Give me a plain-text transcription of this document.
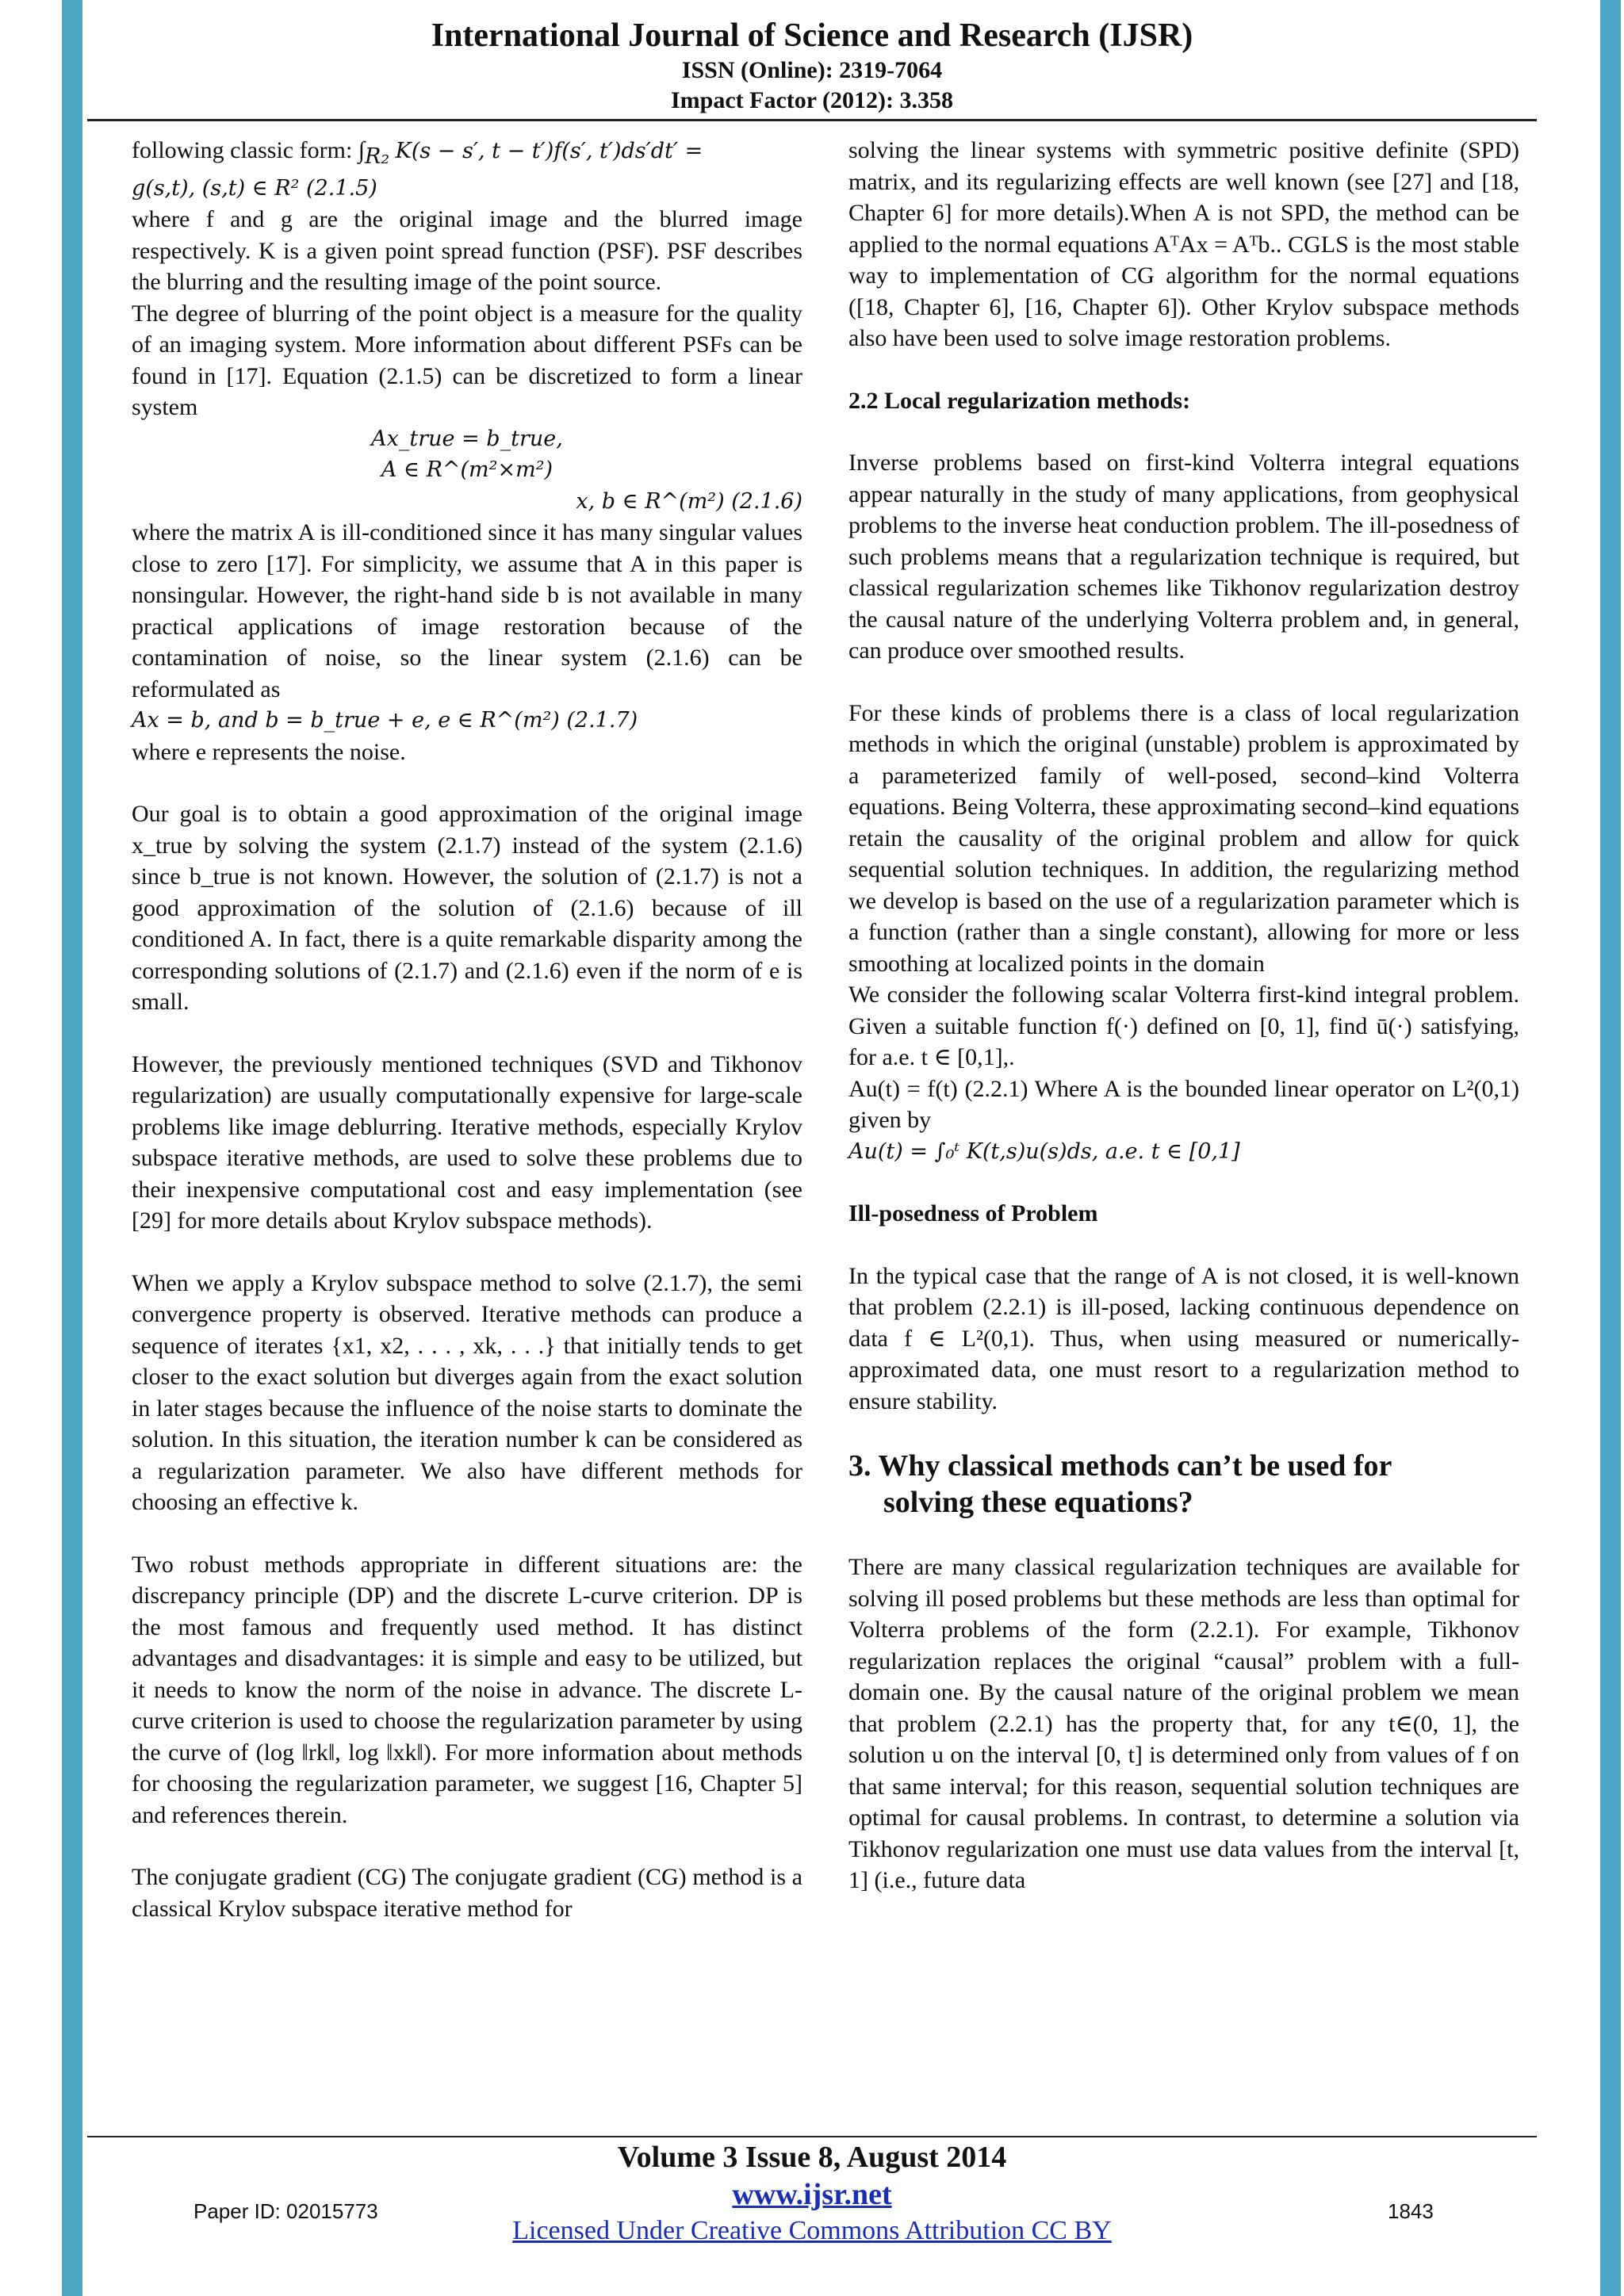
International Journal of Science and Research (IJSR)
ISSN (Online): 2319-7064
Impact Factor (2012): 3.358

following classic form: $\int_{R_2}$ K(s − s′, t − t′)f(s′, t′)ds′dt′ =

g(s,t), (s,t) ∈ R² (2.1.5)

where f and g are the original image and the blurred image respectively. K is a given point spread function (PSF). PSF describes the blurring and the resulting image of the point source.

The degree of blurring of the point object is a measure for the quality of an imaging system. More information about different PSFs can be found in [17]. Equation (2.1.5) can be discretized to form a linear system

Ax_true = b_true,

A ∈ R^(m²×m²)

x, b ∈ R^(m²) (2.1.6)

where the matrix A is ill-conditioned since it has many singular values close to zero [17]. For simplicity, we assume that A in this paper is nonsingular. However, the right-hand side b is not available in many practical applications of image restoration because of the contamination of noise, so the linear system (2.1.6) can be reformulated as

Ax = b, and b = b_true + e, e ∈ R^(m²) (2.1.7)

where e represents the noise.

Our goal is to obtain a good approximation of the original image x_true by solving the system (2.1.7) instead of the system (2.1.6) since b_true is not known. However, the solution of (2.1.7) is not a good approximation of the solution of (2.1.6) because of ill conditioned A. In fact, there is a quite remarkable disparity among the corresponding solutions of (2.1.7) and (2.1.6) even if the norm of e is small.

However, the previously mentioned techniques (SVD and Tikhonov regularization) are usually computationally expensive for large-scale problems like image deblurring. Iterative methods, especially Krylov subspace iterative methods, are used to solve these problems due to their inexpensive computational cost and easy implementation (see [29] for more details about Krylov subspace methods).

When we apply a Krylov subspace method to solve (2.1.7), the semi convergence property is observed. Iterative methods can produce a sequence of iterates {x1, x2, . . . , xk, . . .} that initially tends to get closer to the exact solution but diverges again from the exact solution in later stages because the influence of the noise starts to dominate the solution. In this situation, the iteration number k can be considered as a regularization parameter. We also have different methods for choosing an effective k.

Two robust methods appropriate in different situations are: the discrepancy principle (DP) and the discrete L-curve criterion. DP is the most famous and frequently used method. It has distinct advantages and disadvantages: it is simple and easy to be utilized, but it needs to know the norm of the noise in advance. The discrete L-curve criterion is used to choose the regularization parameter by using the curve of (log ‖rk‖, log ‖xk‖). For more information about methods for choosing the regularization parameter, we suggest [16, Chapter 5] and references therein.

The conjugate gradient (CG) The conjugate gradient (CG) method is a classical Krylov subspace iterative method for

solving the linear systems with symmetric positive definite (SPD) matrix, and its regularizing effects are well known (see [27] and [18, Chapter 6] for more details).When A is not SPD, the method can be applied to the normal equations AᵀAx = Aᵀb.. CGLS is the most stable way to implementation of CG algorithm for the normal equations ([18, Chapter 6], [16, Chapter 6]). Other Krylov subspace methods also have been used to solve image restoration problems.

2.2 Local regularization methods:

Inverse problems based on first-kind Volterra integral equations appear naturally in the study of many applications, from geophysical problems to the inverse heat conduction problem. The ill-posedness of such problems means that a regularization technique is required, but classical regularization schemes like Tikhonov regularization destroy the causal nature of the underlying Volterra problem and, in general, can produce over smoothed results.

For these kinds of problems there is a class of local regularization methods in which the original (unstable) problem is approximated by a parameterized family of well-posed, second–kind Volterra equations. Being Volterra, these approximating second–kind equations retain the causality of the original problem and allow for quick sequential solution techniques. In addition, the regularizing method we develop is based on the use of a regularization parameter which is a function (rather than a single constant), allowing for more or less smoothing at localized points in the domain

We consider the following scalar Volterra first-kind integral problem. Given a suitable function f(·) defined on [0, 1], find ū(·) satisfying, for a.e. t ∈ [0,1],.

Au(t) = f(t) (2.2.1) Where A is the bounded linear operator on L²(0,1) given by

Au(t) = ∫₀ᵗ K(t,s)u(s)ds, a.e. t ∈ [0,1]

Ill-posedness of Problem

In the typical case that the range of A is not closed, it is well-known that problem (2.2.1) is ill-posed, lacking continuous dependence on data f ∈ L²(0,1). Thus, when using measured or numerically-approximated data, one must resort to a regularization method to ensure stability.

3. Why classical methods can’t be used for
solving these equations?

There are many classical regularization techniques are available for solving ill posed problems but these methods are less than optimal for Volterra problems of the form (2.2.1). For example, Tikhonov regularization replaces the original “causal” problem with a full-domain one. By the causal nature of the original problem we mean that problem (2.2.1) has the property that, for any t∈(0, 1], the solution u on the interval [0, t] is determined only from values of f on that same interval; for this reason, sequential solution techniques are optimal for causal problems. In contrast, to determine a solution via Tikhonov regularization one must use data values from the interval [t, 1] (i.e., future data

Volume 3 Issue 8, August 2014
www.ijsr.net
Licensed Under Creative Commons Attribution CC BY
Paper ID: 02015773	1843
